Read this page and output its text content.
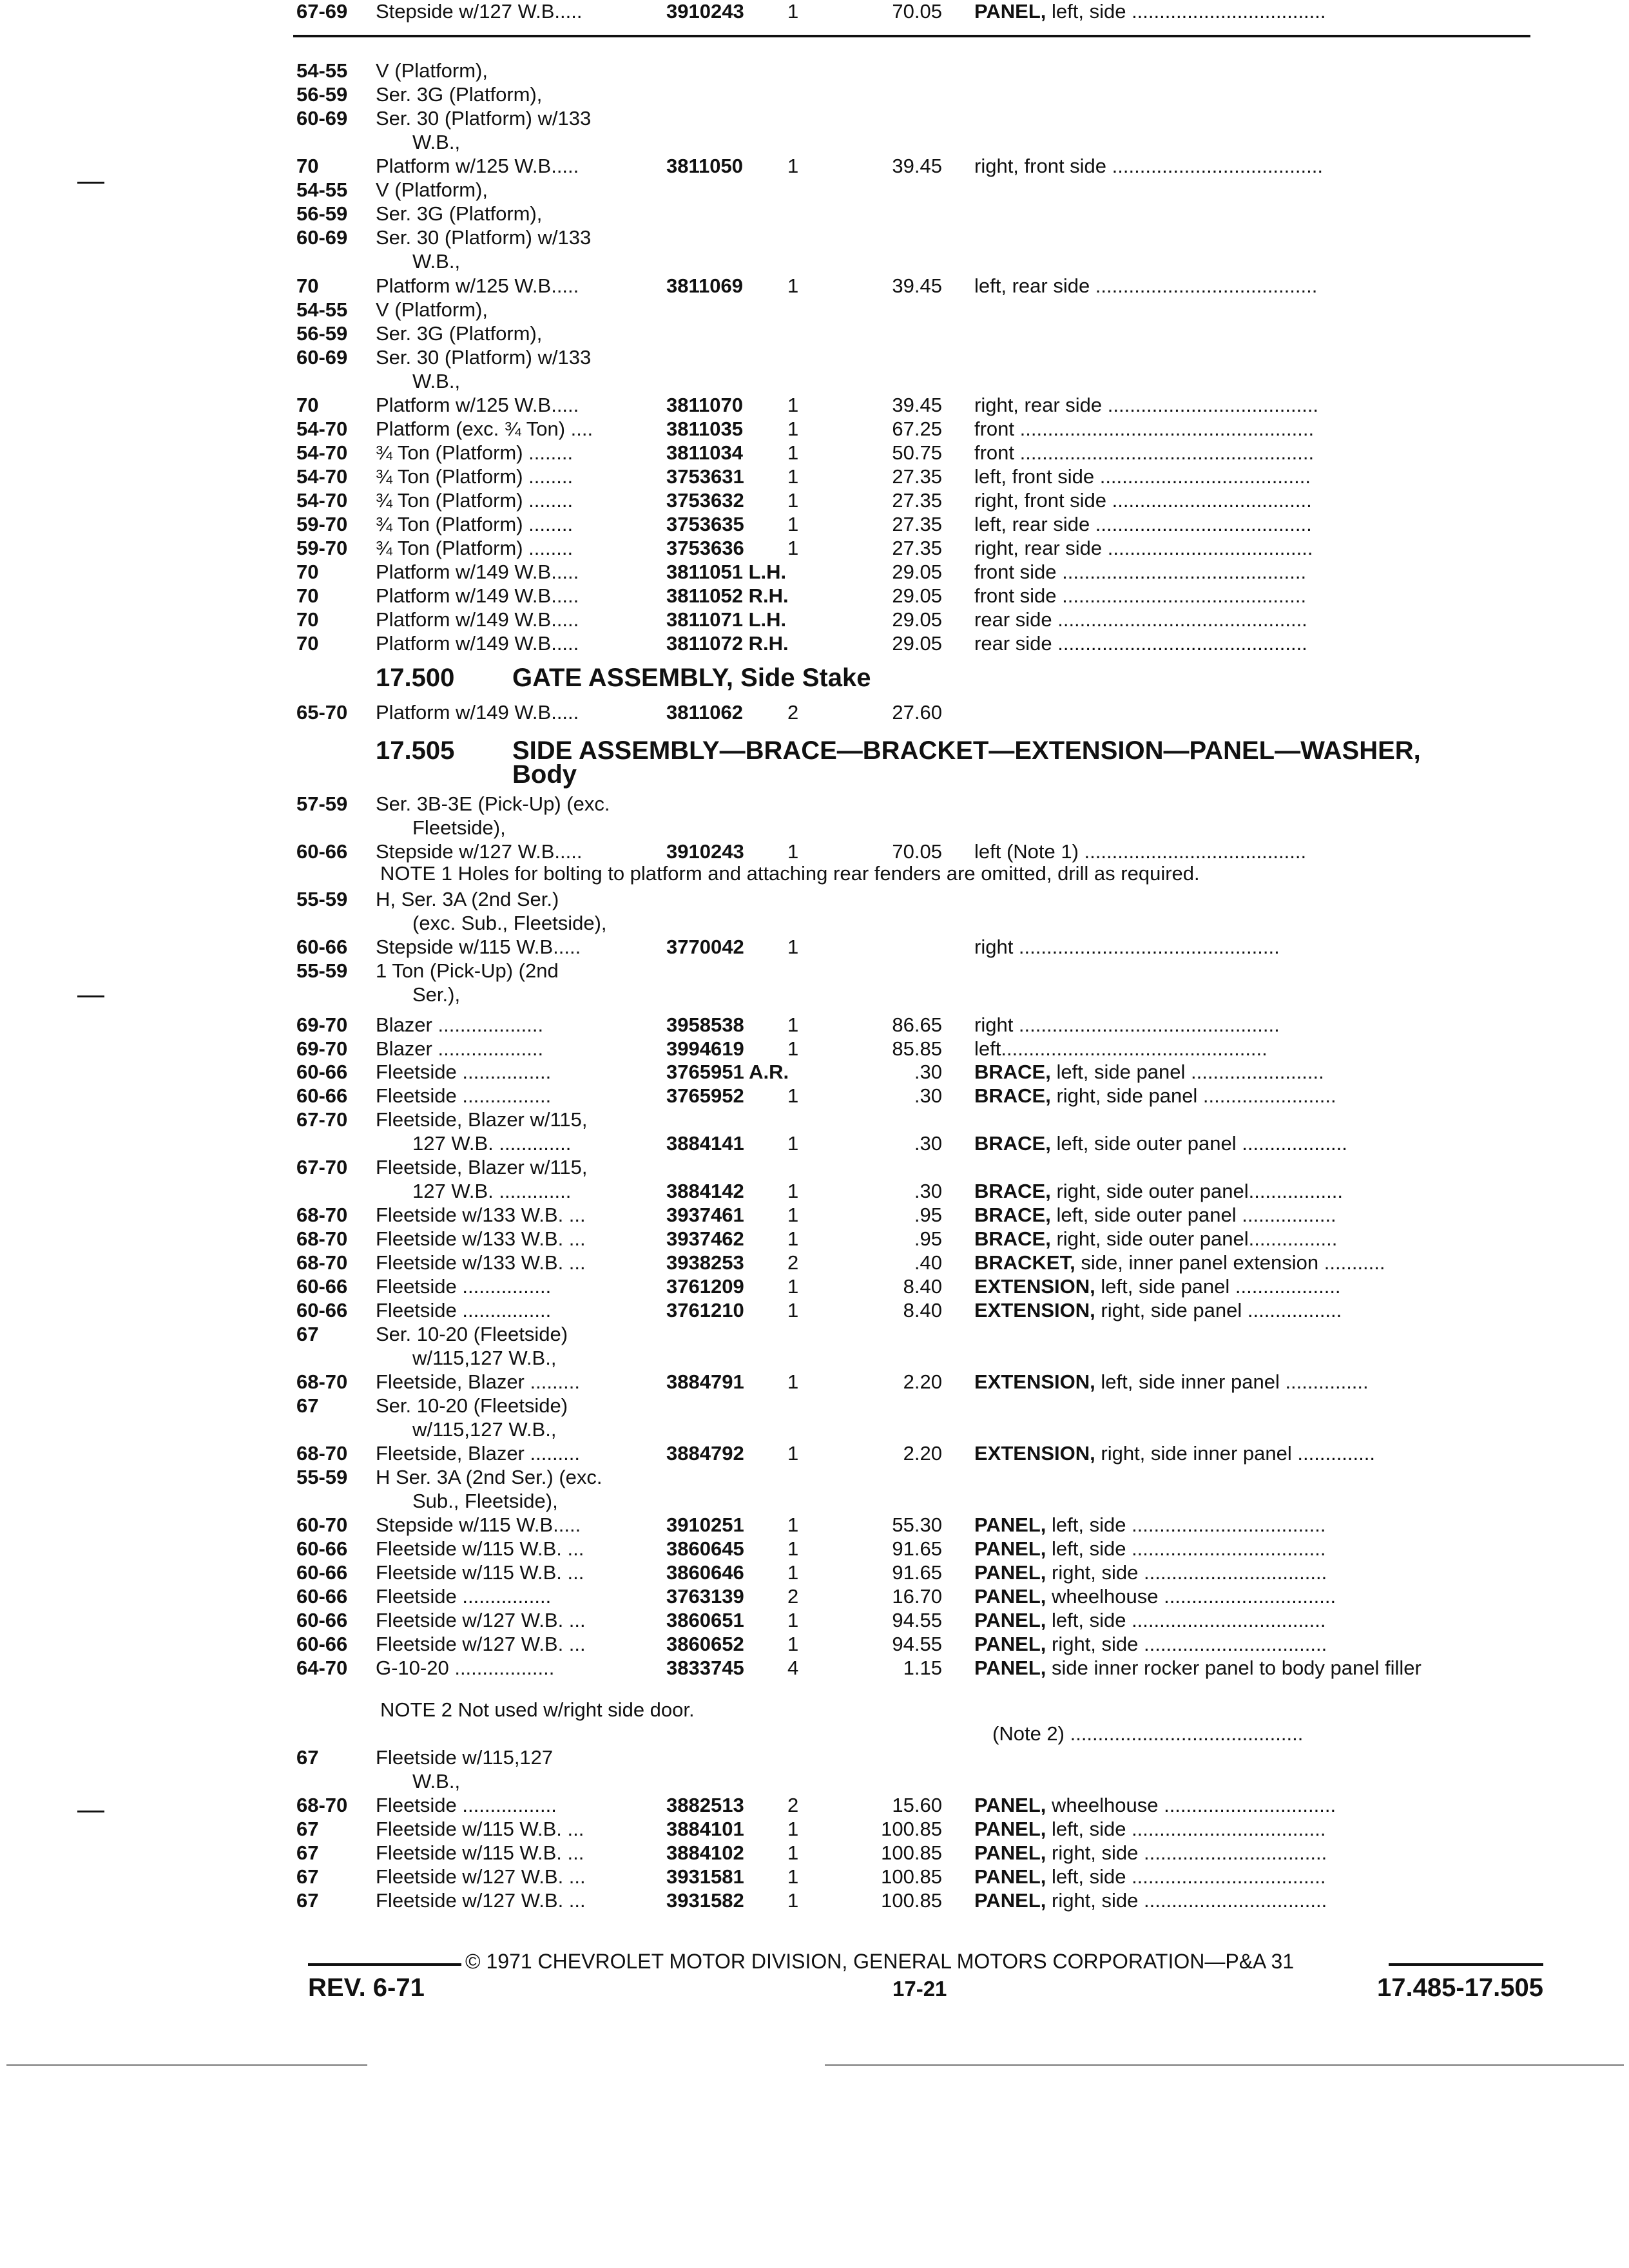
54-55 V (Platform),
56-59 Ser. 3G (Platform),
60-69 Ser. 30 (Platform) w/133
W.B.,
70	Platform w/125 W.B.....	3811050 1	39.45 right, front side ......................................
54-55 V (Platform),
56-59 Ser. 3G (Platform),
60-69 Ser. 30 (Platform) w/133
W.B.,
70	Platform w/125 W.B.....	3811069 1	39.45 left, rear side ........................................
54-55 V (Platform),
56-59 Ser. 3G (Platform),
60-69 Ser. 30 (Platform) w/133
W.B.,
70	Platform w/125 W.B.....	3811070 1	39.45 right, rear side ......................................
54-70 Platform (exc. ¾ Ton) ....	3811035 1	67.25 front .....................................................
54-70 ¾ Ton (Platform) ........	3811034 1	50.75 front .....................................................
54-70 ¾ Ton (Platform) ........	3753631 1	27.35 left, front side ......................................
54-70 ¾ Ton (Platform) ........	3753632 1	27.35 right, front side ....................................
59-70 ¾ Ton (Platform) ........	3753635 1	27.35 left, rear side .......................................
59-70 ¾ Ton (Platform) ........	3753636 1	27.35 right, rear side .....................................
70	Platform w/149 W.B.....	3811051 L.H.	29.05 front side ............................................
70	Platform w/149 W.B.....	3811052 R.H.	29.05 front side ............................................
70	Platform w/149 W.B.....	3811071 L.H.	29.05 rear side .............................................
70	Platform w/149 W.B.....	3811072 R.H.	29.05 rear side .............................................
65-70 Platform w/149 W.B.....	3811062 2	27.60
57-59 Ser. 3B-3E (Pick-Up) (exc.
Fleetside),
60-66 Stepside w/127 W.B.....	3910243 1	70.05 left (Note 1) ........................................
55-59 H, Ser. 3A (2nd Ser.)
(exc. Sub., Fleetside),
60-66 Stepside w/115 W.B.....	3770042 1	right ...............................................
55-59 1 Ton (Pick-Up) (2nd
Ser.),
69-70 Blazer ...................	3958538 1	86.65 right ...............................................
69-70 Blazer ...................	3994619 1	85.85 left................................................
60-66 Fleetside ................	3765951 A.R.	.30 BRACE, left, side panel ........................
60-66 Fleetside ................	3765952 1	.30 BRACE, right, side panel ........................
67-70 Fleetside, Blazer w/115,
127 W.B. .............	3884141 1	.30 BRACE, left, side outer panel ...................
67-70 Fleetside, Blazer w/115,
127 W.B. .............	3884142 1	.30 BRACE, right, side outer panel.................
68-70 Fleetside w/133 W.B. ...	3937461 1	.95 BRACE, left, side outer panel .................
68-70 Fleetside w/133 W.B. ...	3937462 1	.95 BRACE, right, side outer panel................
68-70 Fleetside w/133 W.B. ...	3938253 2	.40 BRACKET, side, inner panel extension ...........
60-66 Fleetside ................	3761209 1	8.40 EXTENSION, left, side panel ...................
60-66 Fleetside ................	3761210 1	8.40 EXTENSION, right, side panel .................
67	Ser. 10-20 (Fleetside)
w/115,127 W.B.,
68-70 Fleetside, Blazer .........	3884791 1	2.20 EXTENSION, left, side inner panel ...............
67	Ser. 10-20 (Fleetside)
w/115,127 W.B.,
68-70 Fleetside, Blazer .........	3884792 1	2.20 EXTENSION, right, side inner panel ..............
55-59 H Ser. 3A (2nd Ser.) (exc.
Sub., Fleetside),
60-70 Stepside w/115 W.B.....	3910251 1	55.30 PANEL, left, side ...................................
60-66 Fleetside w/115 W.B. ...	3860645 1	91.65 PANEL, left, side ...................................
60-66 Fleetside w/115 W.B. ...	3860646 1	91.65 PANEL, right, side .................................
60-66 Fleetside ................	3763139 2	16.70 PANEL, wheelhouse ...............................
60-66 Fleetside w/127 W.B. ...	3860651 1	94.55 PANEL, left, side ...................................
60-66 Fleetside w/127 W.B. ...	3860652 1	94.55 PANEL, right, side .................................
64-70 G-10-20 ..................	3833745 4	1.15 PANEL, side inner rocker panel to body panel filler
(Note 2) ..........................................
67	Fleetside w/115,127
W.B.,
68-70 Fleetside .................	3882513 2	15.60 PANEL, wheelhouse ...............................
67	Fleetside w/115 W.B. ...	3884101 1	100.85 PANEL, left, side ...................................
67	Fleetside w/115 W.B. ...	3884102 1	100.85 PANEL, right, side .................................
67	Fleetside w/127 W.B. ...	3931581 1	100.85 PANEL, left, side ...................................
67	Fleetside w/127 W.B. ...	3931582 1	100.85 PANEL, right, side .................................
67-69 Stepside w/127 W.B.....	3910243 1	70.05 PANEL, left, side ...................................
17.500 GATE ASSEMBLY, Side Stake
17.505 SIDE ASSEMBLY—BRACE—BRACKET—EXTENSION—PANEL—WASHER,
Body
NOTE 1 Holes for bolting to platform and attaching rear fenders are omitted, drill as required.
NOTE 2 Not used w/right side door.
© 1971 CHEVROLET MOTOR DIVISION, GENERAL MOTORS CORPORATION—P&A 31
REV. 6-71	17-21	17.485-17.505
